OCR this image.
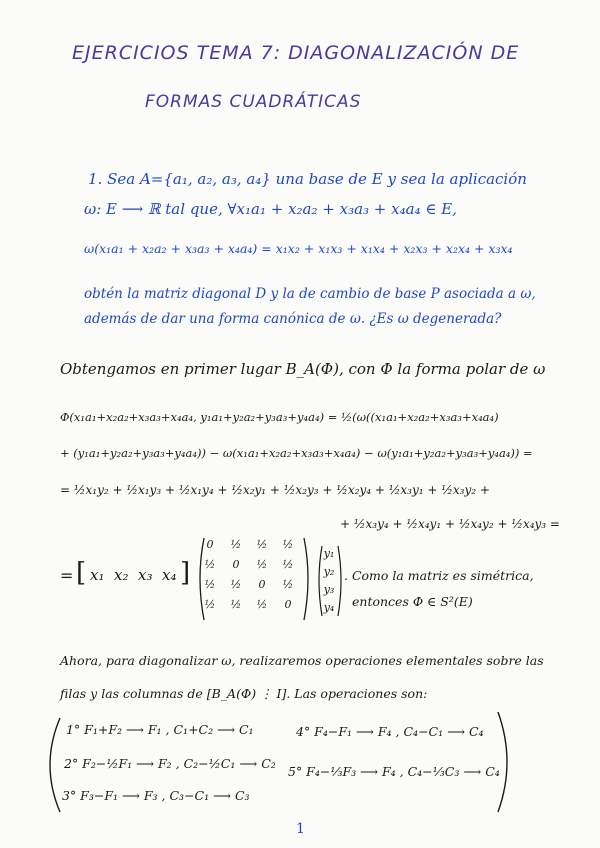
EJERCICIOS TEMA 7: DIAGONALIZACIÓN DE
FORMAS CUADRÁTICAS
1. Sea A={a₁, a₂, a₃, a₄} una base de E y sea la aplicación
ω: E ⟶ ℝ tal que, ∀x₁a₁ + x₂a₂ + x₃a₃ + x₄a₄ ∈ E,
ω(x₁a₁ + x₂a₂ + x₃a₃ + x₄a₄) = x₁x₂ + x₁x₃ + x₁x₄ + x₂x₃ + x₂x₄ + x₃x₄
obtén la matriz diagonal D y la de cambio de base P asociada a ω,
además de dar una forma canónica de ω. ¿Es ω degenerada?
Obtengamos en primer lugar B_A(Φ), con Φ la forma polar de ω
Φ(x₁a₁+x₂a₂+x₃a₃+x₄a₄, y₁a₁+y₂a₂+y₃a₃+y₄a₄) = ½(ω((x₁a₁+x₂a₂+x₃a₃+x₄a₄)
+ (y₁a₁+y₂a₂+y₃a₃+y₄a₄)) − ω(x₁a₁+x₂a₂+x₃a₃+x₄a₄) − ω(y₁a₁+y₂a₂+y₃a₃+y₄a₄)) =
= ½x₁y₂ + ½x₁y₃ + ½x₁y₄ + ½x₂y₁ + ½x₂y₃ + ½x₂y₄ + ½x₃y₁ + ½x₃y₂ +
+ ½x₃y₄ + ½x₄y₁ + ½x₄y₂ + ½x₄y₃ =
= [ x₁ x₂ x₃ x₄ ]
0	½	½	½
½	0	½	½
½	½	0	½
½	½	½	0
y₁
y₂
y₃
y₄
. Como la matriz es simétrica,
entonces Φ ∈ S²(E)
Ahora, para diagonalizar ω, realizaremos operaciones elementales sobre las
filas y las columnas de [B_A(Φ) ⋮ I]. Las operaciones son:
1° F₁+F₂ ⟶ F₁ , C₁+C₂ ⟶ C₁
2° F₂−½F₁ ⟶ F₂ , C₂−½C₁ ⟶ C₂
3° F₃−F₁ ⟶ F₃ , C₃−C₁ ⟶ C₃
4° F₄−F₁ ⟶ F₄ , C₄−C₁ ⟶ C₄
5° F₄−⅓F₃ ⟶ F₄ , C₄−⅓C₃ ⟶ C₄
1
